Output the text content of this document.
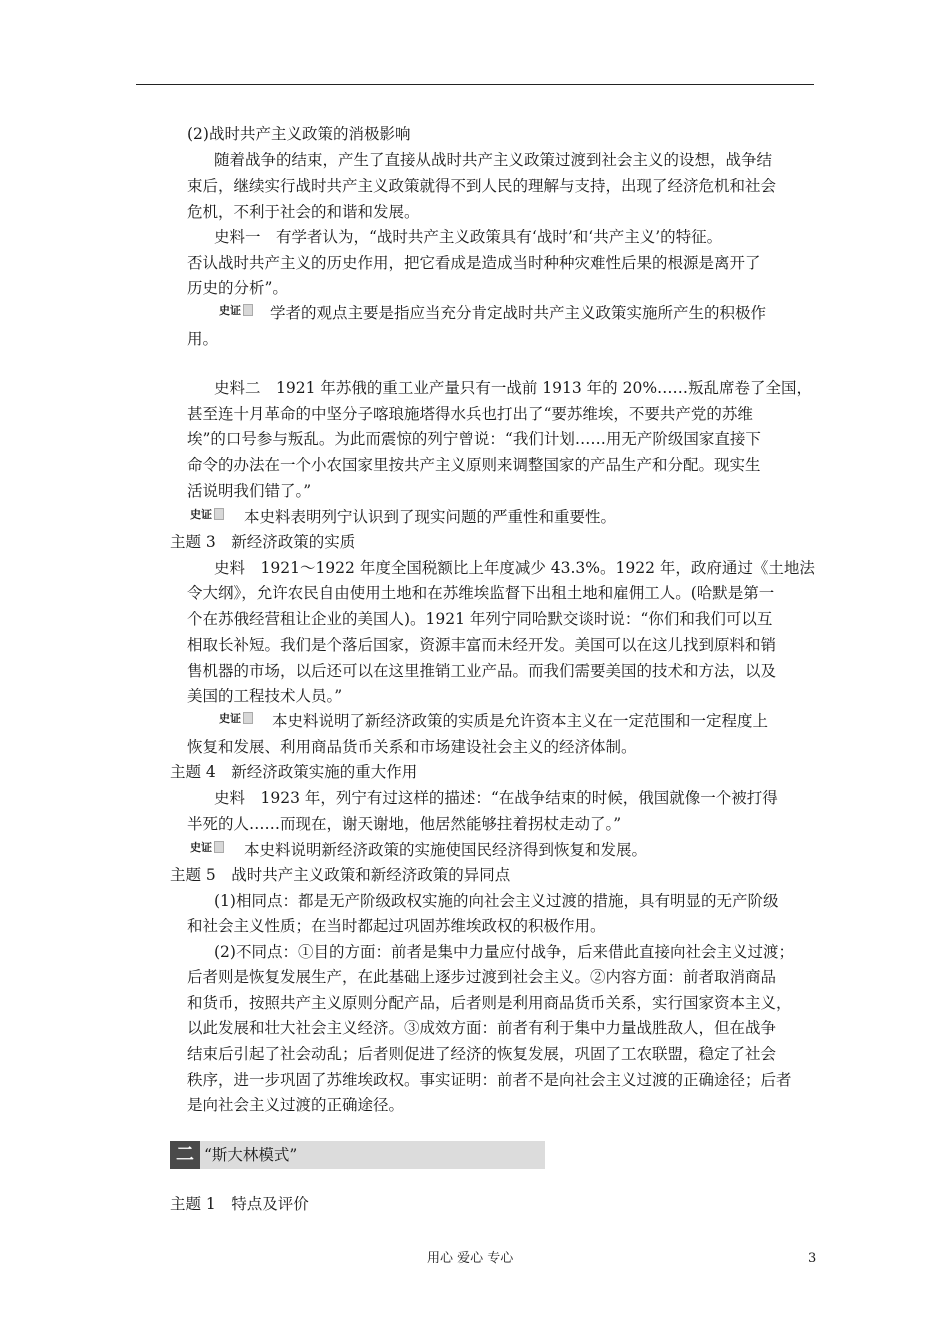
(2)战时共产主义政策的消极影响
随着战争的结束，产生了直接从战时共产主义政策过渡到社会主义的设想，战争结
束后，继续实行战时共产主义政策就得不到人民的理解与支持，出现了经济危机和社会
危机，不利于社会的和谐和发展。
史料一　有学者认为，“战时共产主义政策具有‘战时’和‘共产主义’的特征。
否认战时共产主义的历史作用，把它看成是造成当时种种灾难性后果的根源是离开了
历史的分析”。
史证	学者的观点主要是指应当充分肯定战时共产主义政策实施所产生的积极作
用。
史料二　1921 年苏俄的重工业产量只有一战前 1913 年的 20%……叛乱席卷了全国，
甚至连十月革命的中坚分子喀琅施塔得水兵也打出了“要苏维埃，不要共产党的苏维
埃”的口号参与叛乱。为此而震惊的列宁曾说：“我们计划……用无产阶级国家直接下
命令的办法在一个小农国家里按共产主义原则来调整国家的产品生产和分配。现实生
活说明我们错了。”
史证	本史料表明列宁认识到了现实问题的严重性和重要性。
主题 3　新经济政策的实质
史料　1921～1922 年度全国税额比上年度减少 43.3%。1922 年，政府通过《土地法
令大纲》，允许农民自由使用土地和在苏维埃监督下出租土地和雇佣工人。(哈默是第一
个在苏俄经营租让企业的美国人)。1921 年列宁同哈默交谈时说：“你们和我们可以互
相取长补短。我们是个落后国家，资源丰富而未经开发。美国可以在这儿找到原料和销
售机器的市场，以后还可以在这里推销工业产品。而我们需要美国的技术和方法，以及
美国的工程技术人员。”
史证	本史料说明了新经济政策的实质是允许资本主义在一定范围和一定程度上
恢复和发展、利用商品货币关系和市场建设社会主义的经济体制。
主题 4　新经济政策实施的重大作用
史料　1923 年，列宁有过这样的描述：“在战争结束的时候，俄国就像一个被打得
半死的人……而现在，谢天谢地，他居然能够拄着拐杖走动了。”
史证	本史料说明新经济政策的实施使国民经济得到恢复和发展。
主题 5　战时共产主义政策和新经济政策的异同点
(1)相同点：都是无产阶级政权实施的向社会主义过渡的措施，具有明显的无产阶级
和社会主义性质；在当时都起过巩固苏维埃政权的积极作用。
(2)不同点：①目的方面：前者是集中力量应付战争，后来借此直接向社会主义过渡；
后者则是恢复发展生产，在此基础上逐步过渡到社会主义。②内容方面：前者取消商品
和货币，按照共产主义原则分配产品，后者则是利用商品货币关系，实行国家资本主义，
以此发展和壮大社会主义经济。③成效方面：前者有利于集中力量战胜敌人，但在战争
结束后引起了社会动乱；后者则促进了经济的恢复发展，巩固了工农联盟，稳定了社会
秩序，进一步巩固了苏维埃政权。事实证明：前者不是向社会主义过渡的正确途径；后者
是向社会主义过渡的正确途径。
二 “斯大林模式”
主题 1　特点及评价
用心 爱心 专心	3
